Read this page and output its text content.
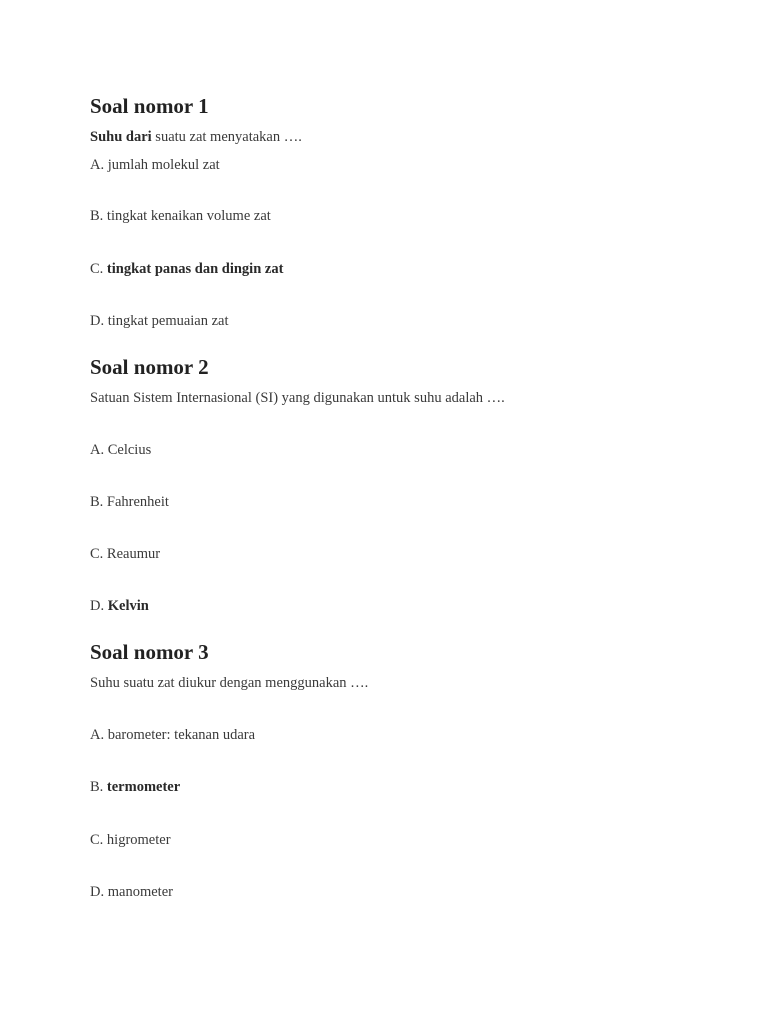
Soal nomor 1

Suhu dari suatu zat menyatakan ….

A. jumlah molekul zat

B. tingkat kenaikan volume zat

C. tingkat panas dan dingin zat

D. tingkat pemuaian zat

Soal nomor 2

Satuan Sistem Internasional (SI) yang digunakan untuk suhu adalah ….

A. Celcius

B. Fahrenheit

C. Reaumur

D. Kelvin

Soal nomor 3

Suhu suatu zat diukur dengan menggunakan ….

A. barometer: tekanan udara

B. termometer

C. higrometer

D. manometer
